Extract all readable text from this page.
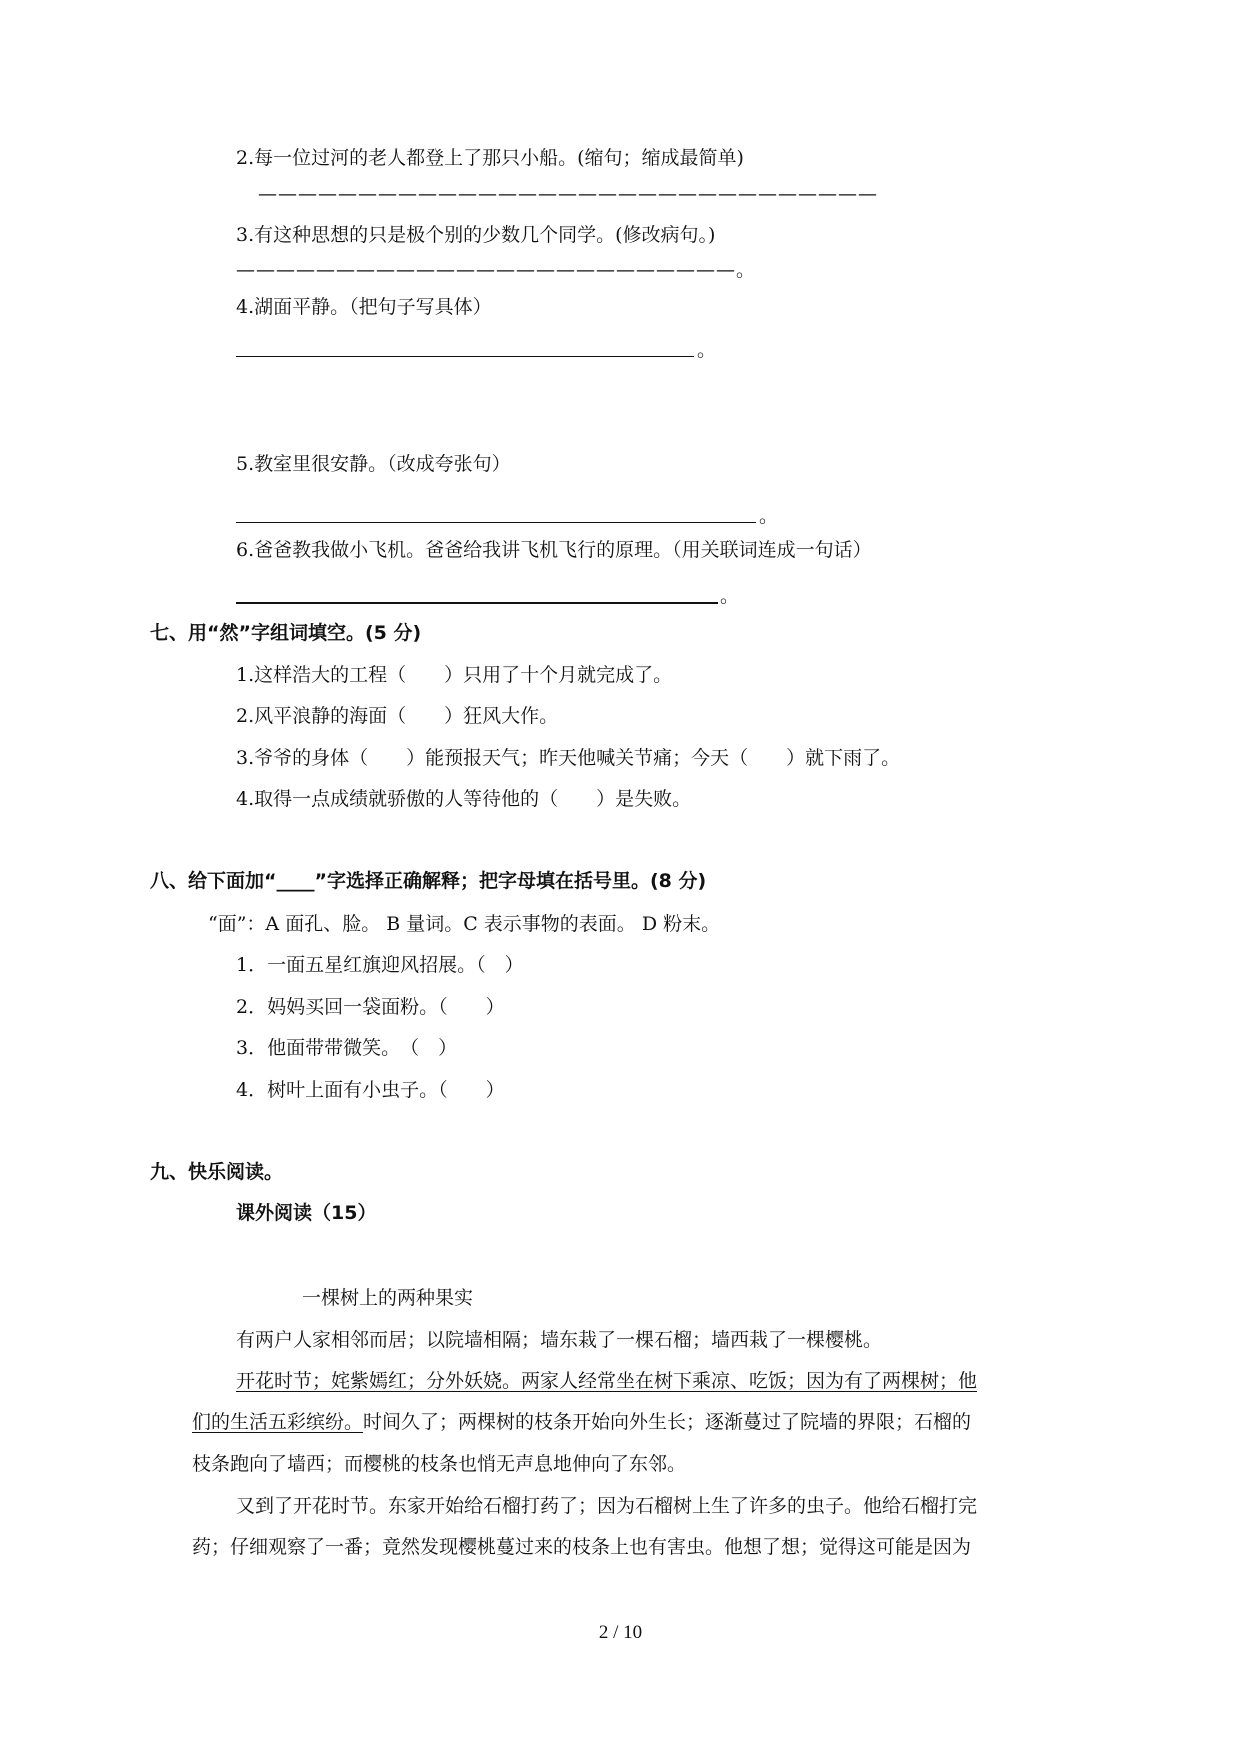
2.每一位过河的老人都登上了那只小船。(缩句；缩成最简单)
———————————————————————————————
3.有这种思想的只是极个别的少数几个同学。(修改病句。)
—————————————————————————。
4.湖面平静。（把句子写具体）
。
5.教室里很安静。（改成夸张句）
。
6.爸爸教我做小飞机。爸爸给我讲飞机飞行的原理。（用关联词连成一句话）
。
七、用“然”字组词填空。(5 分)
1.这样浩大的工程（　　）只用了十个月就完成了。
2.风平浪静的海面（　　）狂风大作。
3.爷爷的身体（　　）能预报天气；昨天他喊关节痛；今天（　　）就下雨了。
4.取得一点成绩就骄傲的人等待他的（　　）是失败。
八、给下面加“____”字选择正确解释；把字母填在括号里。(8 分)
“面”：A 面孔、脸。 B 量词。C 表示事物的表面。 D 粉末。
1．一面五星红旗迎风招展。（　）
2．妈妈买回一袋面粉。（　　）
3．他面带带微笑。　（　）
4．树叶上面有小虫子。（　　）
九、快乐阅读。
课外阅读（15）
一棵树上的两种果实
有两户人家相邻而居；以院墙相隔；墙东栽了一棵石榴；墙西栽了一棵樱桃。
开花时节；姹紫嫣红；分外妖娆。两家人经常坐在树下乘凉、吃饭；因为有了两棵树；他
们的生活五彩缤纷。时间久了；两棵树的枝条开始向外生长；逐渐蔓过了院墙的界限；石榴的
枝条跑向了墙西；而樱桃的枝条也悄无声息地伸向了东邻。
又到了开花时节。东家开始给石榴打药了；因为石榴树上生了许多的虫子。他给石榴打完
药；仔细观察了一番；竟然发现樱桃蔓过来的枝条上也有害虫。他想了想；觉得这可能是因为
2 / 10
